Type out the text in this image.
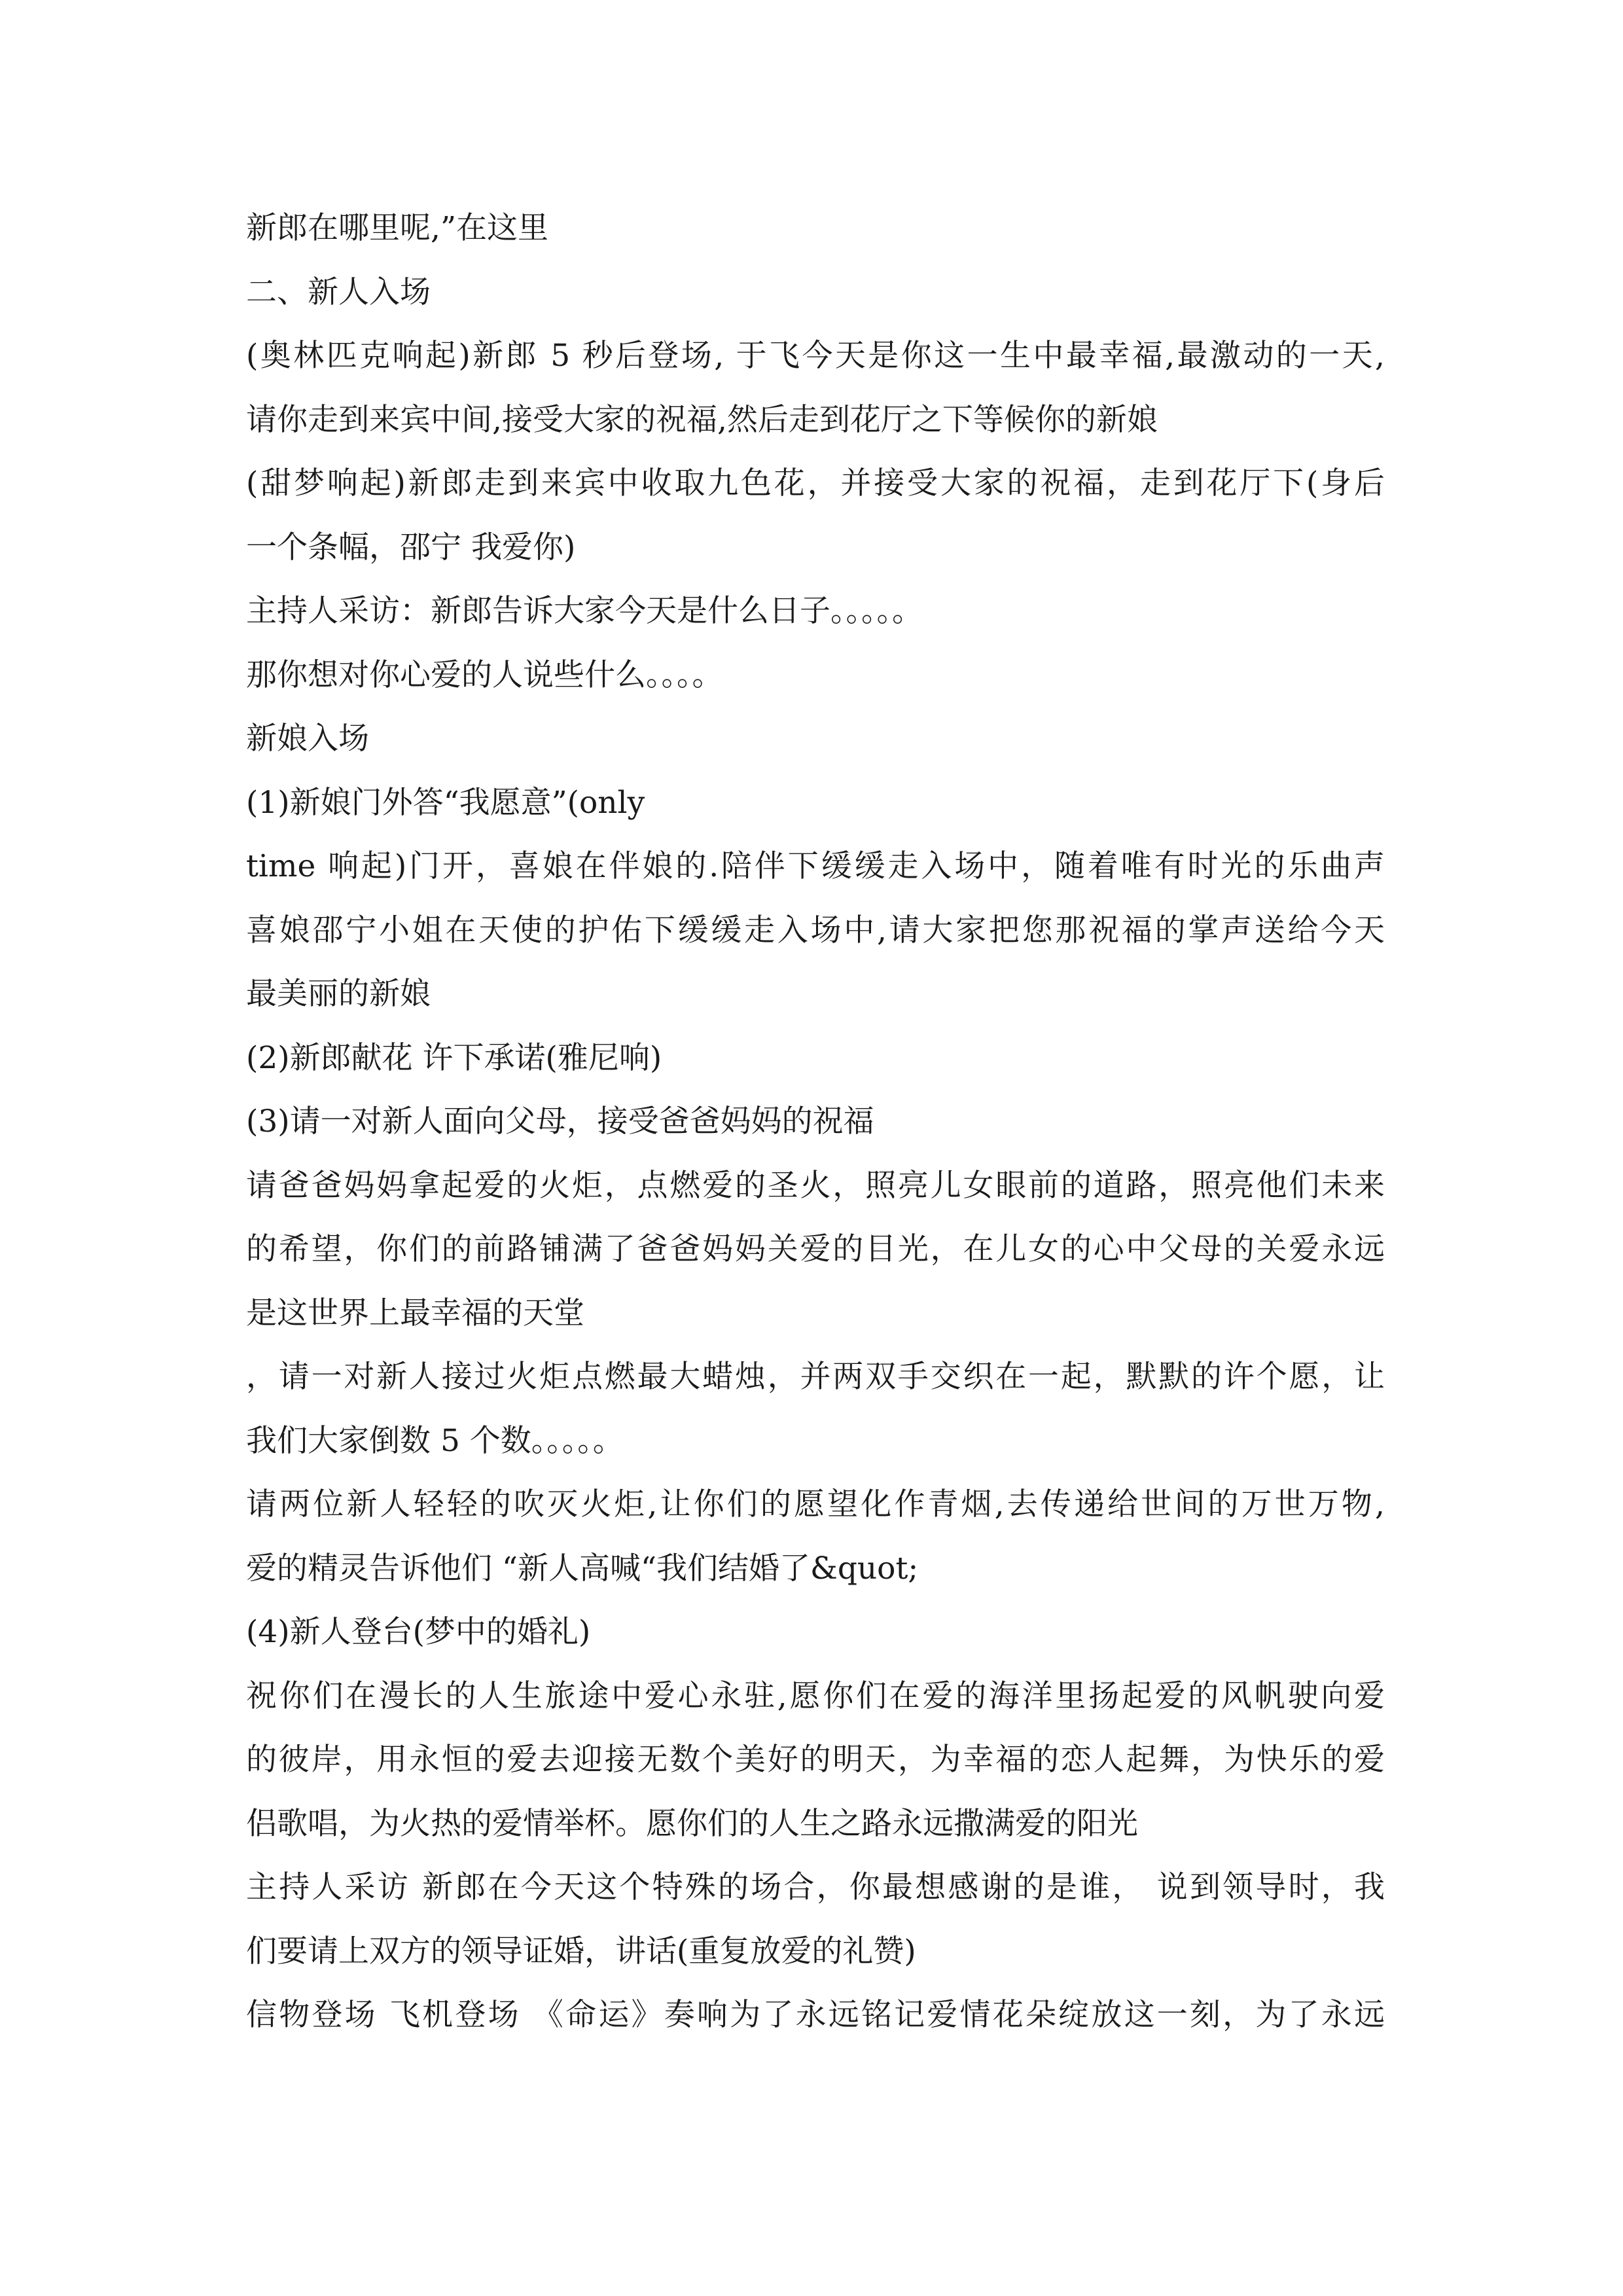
新郎在哪里呢,”在这里
二、新人入场
(奥林匹克响起)新郎 5 秒后登场, 于飞今天是你这一生中最幸福,最激动的一天,
请你走到来宾中间,接受大家的祝福,然后走到花厅之下等候你的新娘
(甜梦响起)新郎走到来宾中收取九色花，并接受大家的祝福，走到花厅下(身后
一个条幅，邵宁 我爱你)
主持人采访：新郎告诉大家今天是什么日子。。。。。
那你想对你心爱的人说些什么。。。。
新娘入场
(1)新娘门外答“我愿意”(only
time 响起)门开，喜娘在伴娘的.陪伴下缓缓走入场中，随着唯有时光的乐曲声
喜娘邵宁小姐在天使的护佑下缓缓走入场中,请大家把您那祝福的掌声送给今天
最美丽的新娘
(2)新郎献花 许下承诺(雅尼响)
(3)请一对新人面向父母，接受爸爸妈妈的祝福
请爸爸妈妈拿起爱的火炬，点燃爱的圣火，照亮儿女眼前的道路，照亮他们未来
的希望，你们的前路铺满了爸爸妈妈关爱的目光，在儿女的心中父母的关爱永远
是这世界上最幸福的天堂
，请一对新人接过火炬点燃最大蜡烛，并两双手交织在一起，默默的许个愿，让
我们大家倒数 5 个数。。。。。
请两位新人轻轻的吹灭火炬,让你们的愿望化作青烟,去传递给世间的万世万物,
爱的精灵告诉他们 “新人高喊“我们结婚了&quot;
(4)新人登台(梦中的婚礼)
祝你们在漫长的人生旅途中爱心永驻,愿你们在爱的海洋里扬起爱的风帆驶向爱
的彼岸，用永恒的爱去迎接无数个美好的明天，为幸福的恋人起舞，为快乐的爱
侣歌唱，为火热的爱情举杯。愿你们的人生之路永远撒满爱的阳光
主持人采访 新郎在今天这个特殊的场合，你最想感谢的是谁， 说到领导时，我
们要请上双方的领导证婚，讲话(重复放爱的礼赞)
信物登场 飞机登场 《命运》奏响为了永远铭记爱情花朵绽放这一刻，为了永远
